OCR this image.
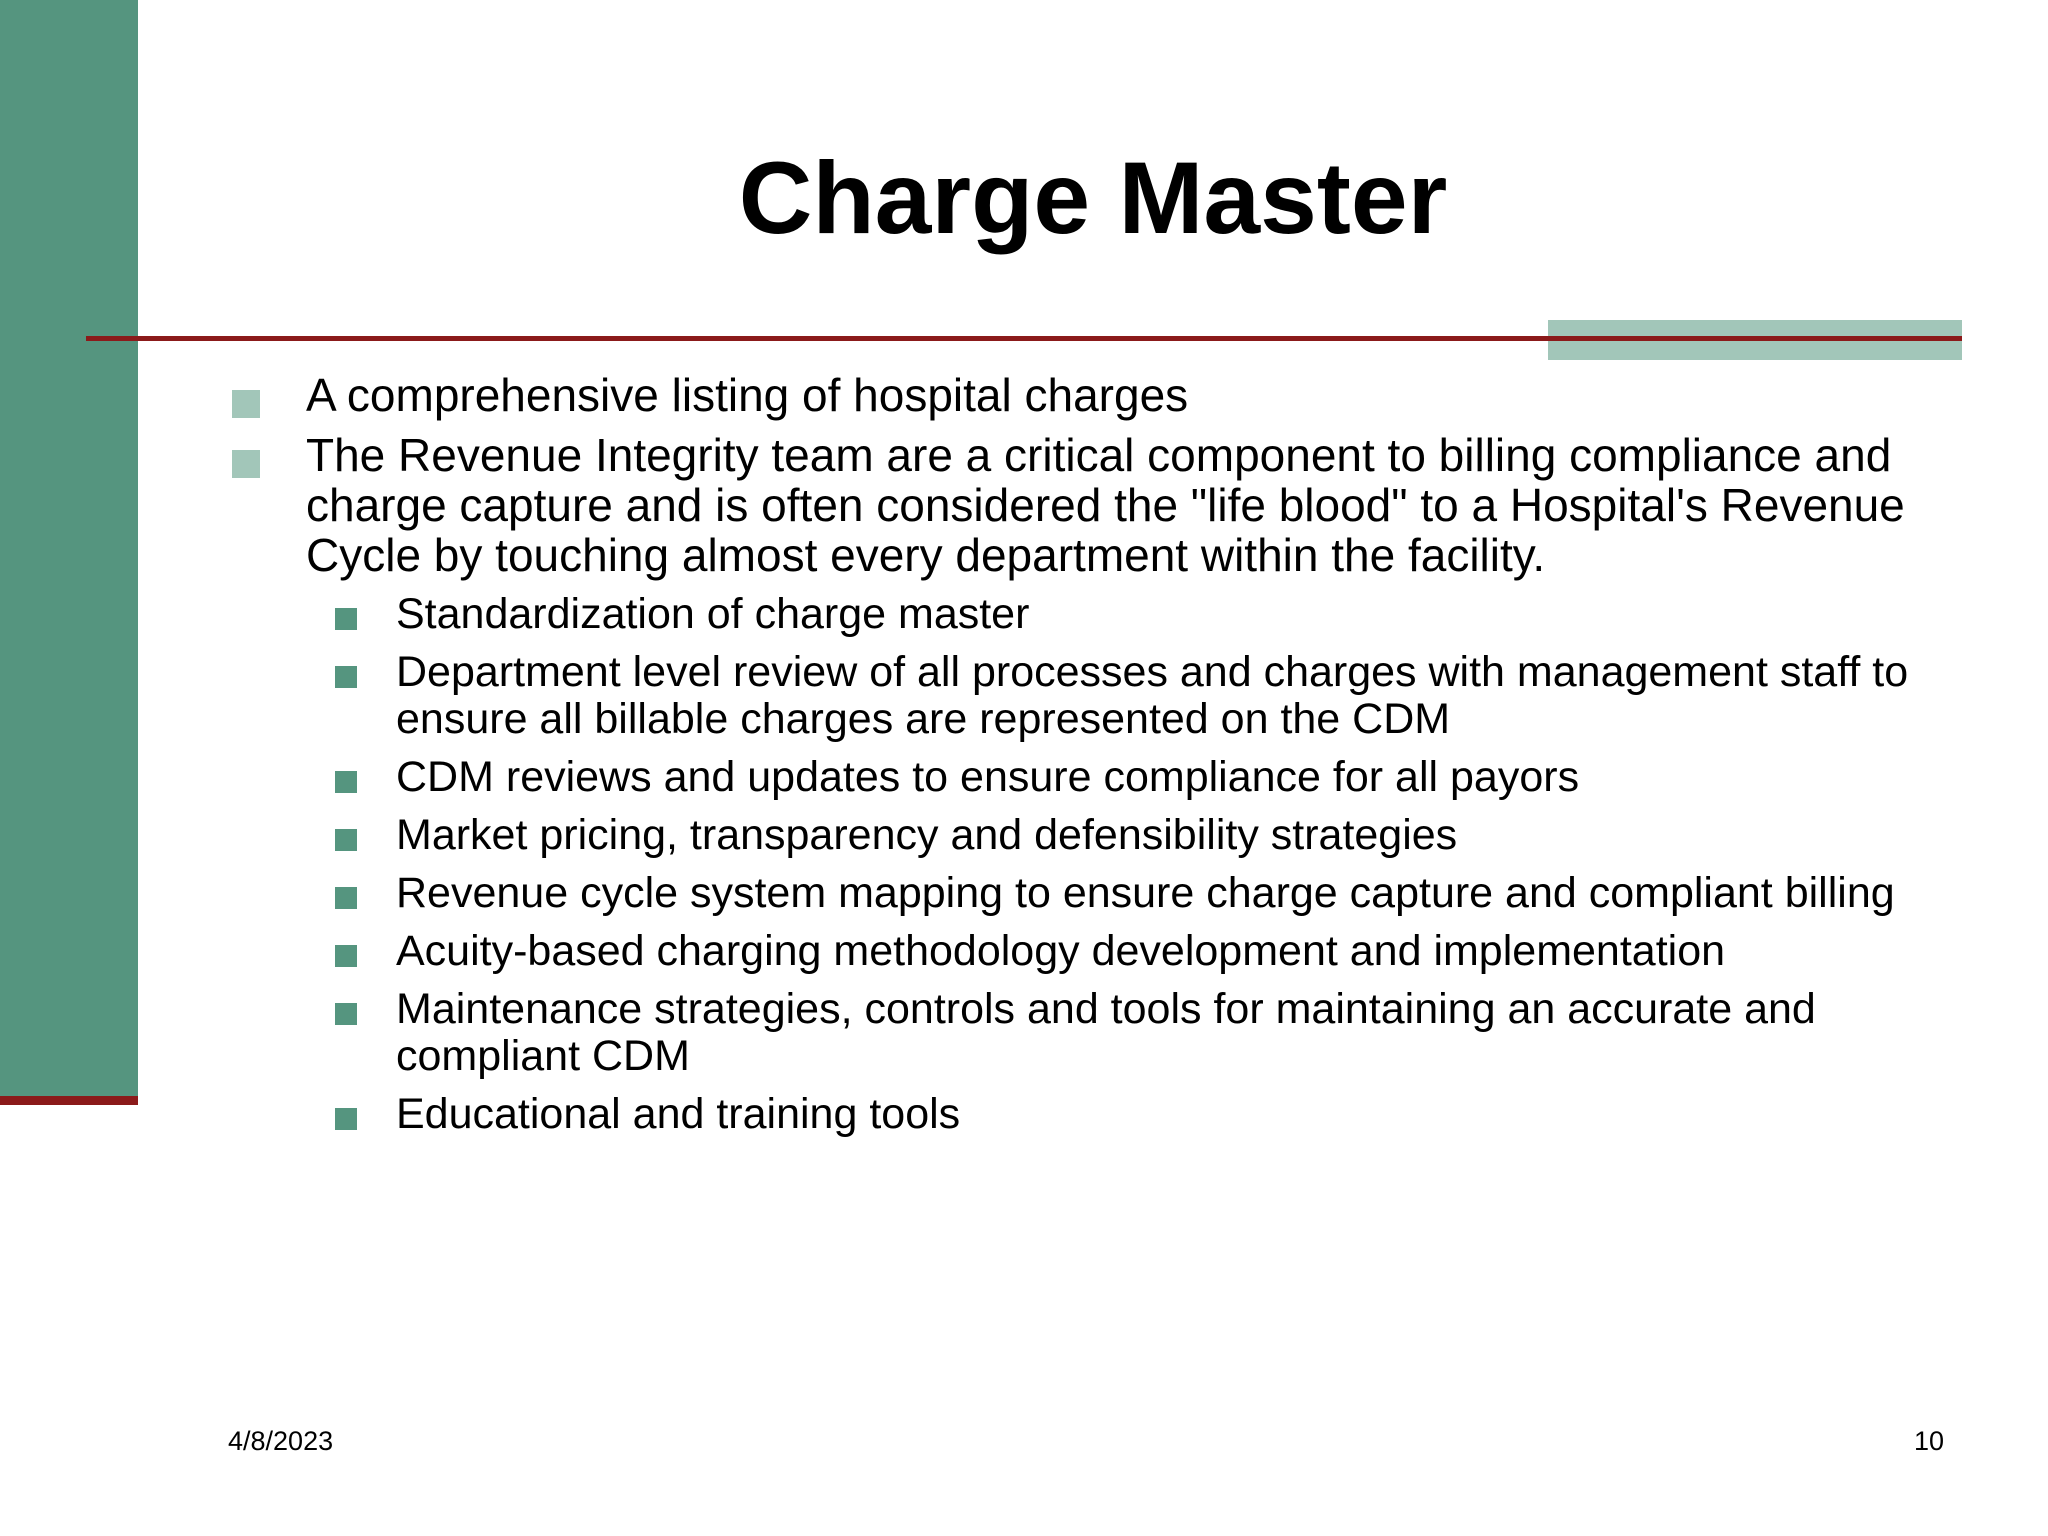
Charge Master
A comprehensive listing of hospital charges
The Revenue Integrity team are a critical component to billing compliance and charge capture and is often considered the "life blood" to a Hospital's Revenue Cycle by touching almost every department within the facility.
Standardization of charge master
Department level review of all processes and charges with management staff to ensure all billable charges are represented on the CDM
CDM reviews and updates to ensure compliance for all payors
Market pricing, transparency and defensibility strategies
Revenue cycle system mapping to ensure charge capture and compliant billing
Acuity-based charging methodology development and implementation
Maintenance strategies, controls and tools for maintaining an accurate and compliant CDM
Educational and training tools
4/8/2023	10
